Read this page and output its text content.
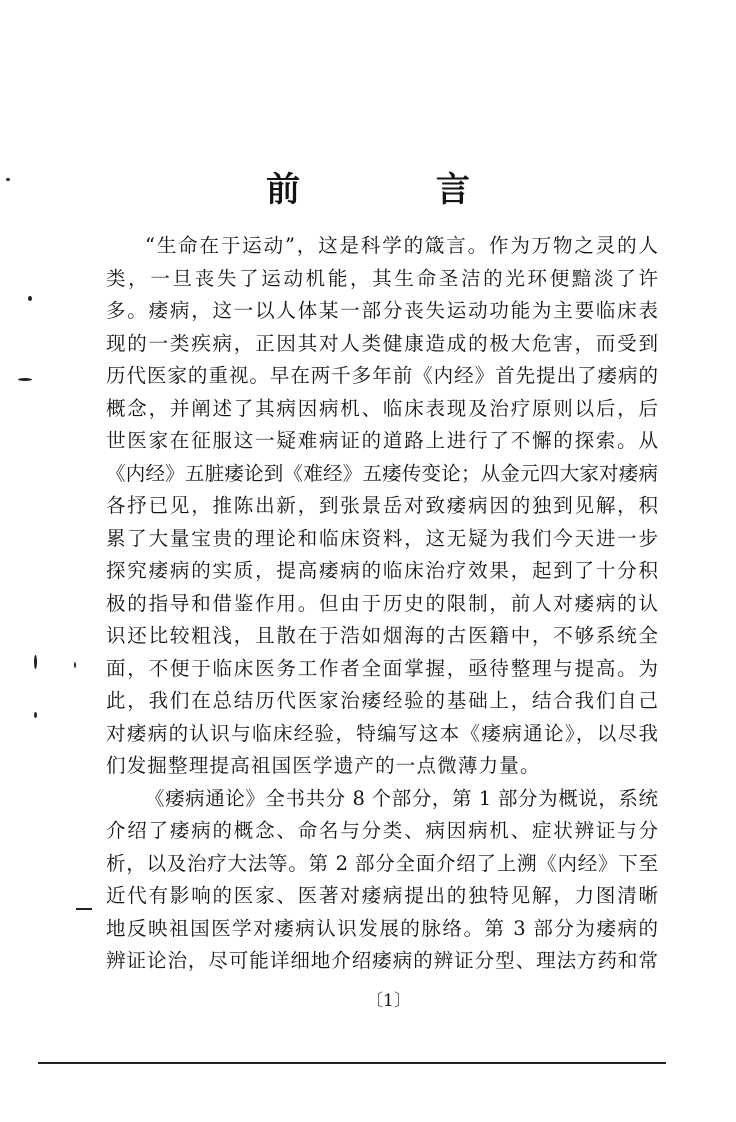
前 言
“生命在于运动”，这是科学的箴言。作为万物之灵的人
类，一旦丧失了运动机能，其生命圣洁的光环便黯淡了许
多。痿病，这一以人体某一部分丧失运动功能为主要临床表
现的一类疾病，正因其对人类健康造成的极大危害，而受到
历代医家的重视。早在两千多年前《内经》首先提出了痿病的
概念，并阐述了其病因病机、临床表现及治疗原则以后，后
世医家在征服这一疑难病证的道路上进行了不懈的探索。从
《内经》五脏痿论到《难经》五痿传变论；从金元四大家对痿病
各抒已见，推陈出新，到张景岳对致痿病因的独到见解，积
累了大量宝贵的理论和临床资料，这无疑为我们今天进一步
探究痿病的实质，提高痿病的临床治疗效果，起到了十分积
极的指导和借鉴作用。但由于历史的限制，前人对痿病的认
识还比较粗浅，且散在于浩如烟海的古医籍中，不够系统全
面，不便于临床医务工作者全面掌握，亟待整理与提高。为
此，我们在总结历代医家治痿经验的基础上，结合我们自己
对痿病的认识与临床经验，特编写这本《痿病通论》，以尽我
们发掘整理提高祖国医学遗产的一点微薄力量。
《痿病通论》全书共分 8 个部分，第 1 部分为概说，系统
介绍了痿病的概念、命名与分类、病因病机、症状辨证与分
析，以及治疗大法等。第 2 部分全面介绍了上溯《内经》下至
近代有影响的医家、医著对痿病提出的独特见解，力图清晰
地反映祖国医学对痿病认识发展的脉络。第 3 部分为痿病的
辨证论治，尽可能详细地介绍痿病的辨证分型、理法方药和常
〔1〕
